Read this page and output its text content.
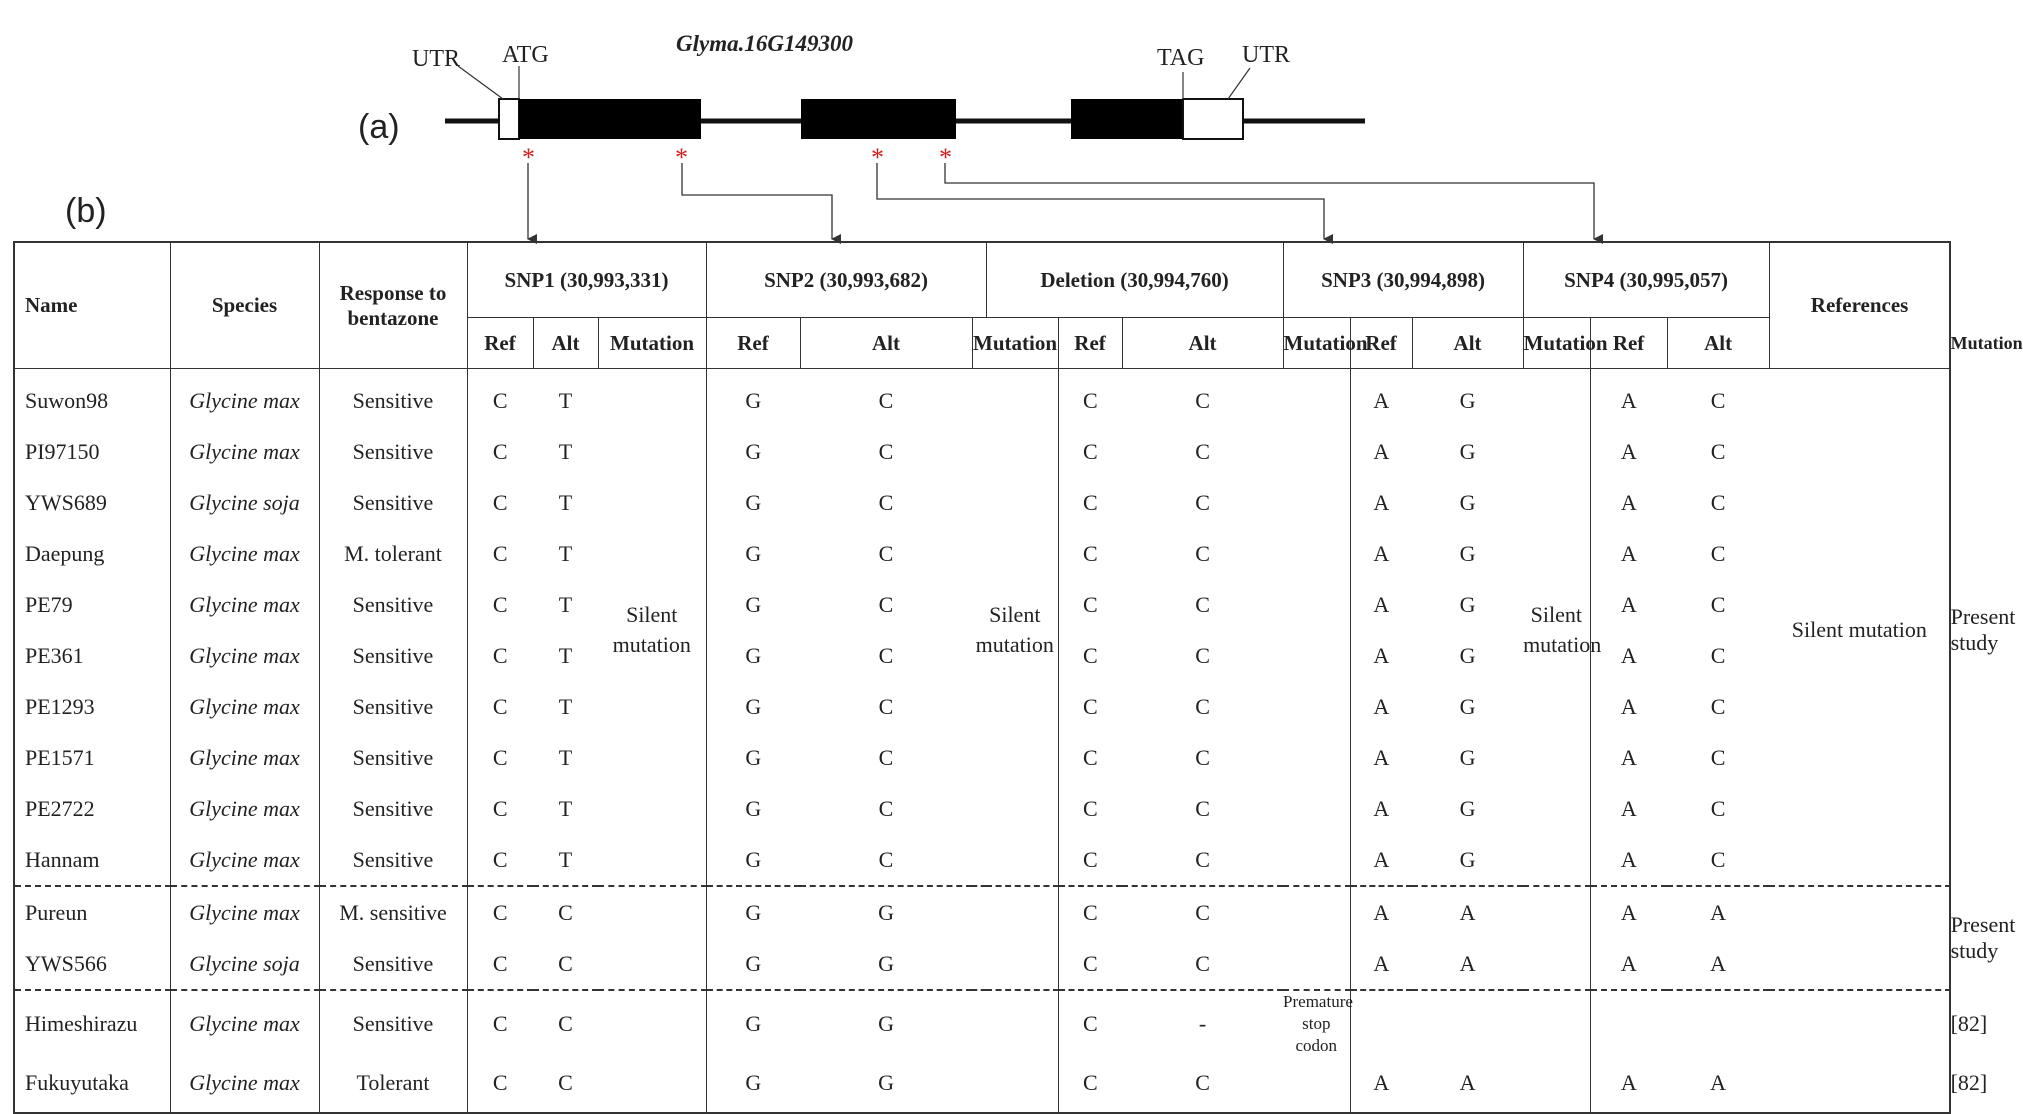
UTR ATG	Glyma.16G149300
TAG UTR
*	*	* *
(a)
(b)
Name	Species	Response to bentazone	SNP1 (30,993,331)			SNP2 (30,993,682)			Deletion (30,994,760)			SNP3 (30,994,898)			SNP4 (30,995,057)			References	
			Ref	Alt	Mutation	Ref	Alt	Mutation		Ref	Alt	Mutation	Ref	Alt	Mutation	Ref	Alt		Mutation
Suwon98	Glycine max	Sensitive	C	T	Silent mutation	G	C	Silent mutation		C	C		A	G	Silent mutation	A	C	Silent mutation	Present study
PI97150	Glycine max	Sensitive	C	T		G	C			C	C		A	G		A	C		
YWS689	Glycine soja	Sensitive	C	T		G	C			C	C		A	G		A	C		
Daepung	Glycine max	M. tolerant	C	T		G	C			C	C		A	G		A	C		
PE79	Glycine max	Sensitive	C	T		G	C			C	C		A	G		A	C		
PE361	Glycine max	Sensitive	C	T		G	C			C	C		A	G		A	C		
PE1293	Glycine max	Sensitive	C	T		G	C			C	C		A	G		A	C		
PE1571	Glycine max	Sensitive	C	T		G	C			C	C		A	G		A	C		
PE2722	Glycine max	Sensitive	C	T		G	C			C	C		A	G		A	C		
Hannam	Glycine max	Sensitive	C	T		G	C			C	C		A	G		A	C		
Pureun	Glycine max	M. sensitive	C	C		G	G			C	C		A	A		A	A		Present study
YWS566	Glycine soja	Sensitive	C	C		G	G			C	C		A	A		A	A		
Himeshirazu	Glycine max	Sensitive	C	C		G	G			C	-	Premature stop codon							[82]
Fukuyutaka	Glycine max	Tolerant	C	C		G	G			C	C		A	A		A	A		[82]
